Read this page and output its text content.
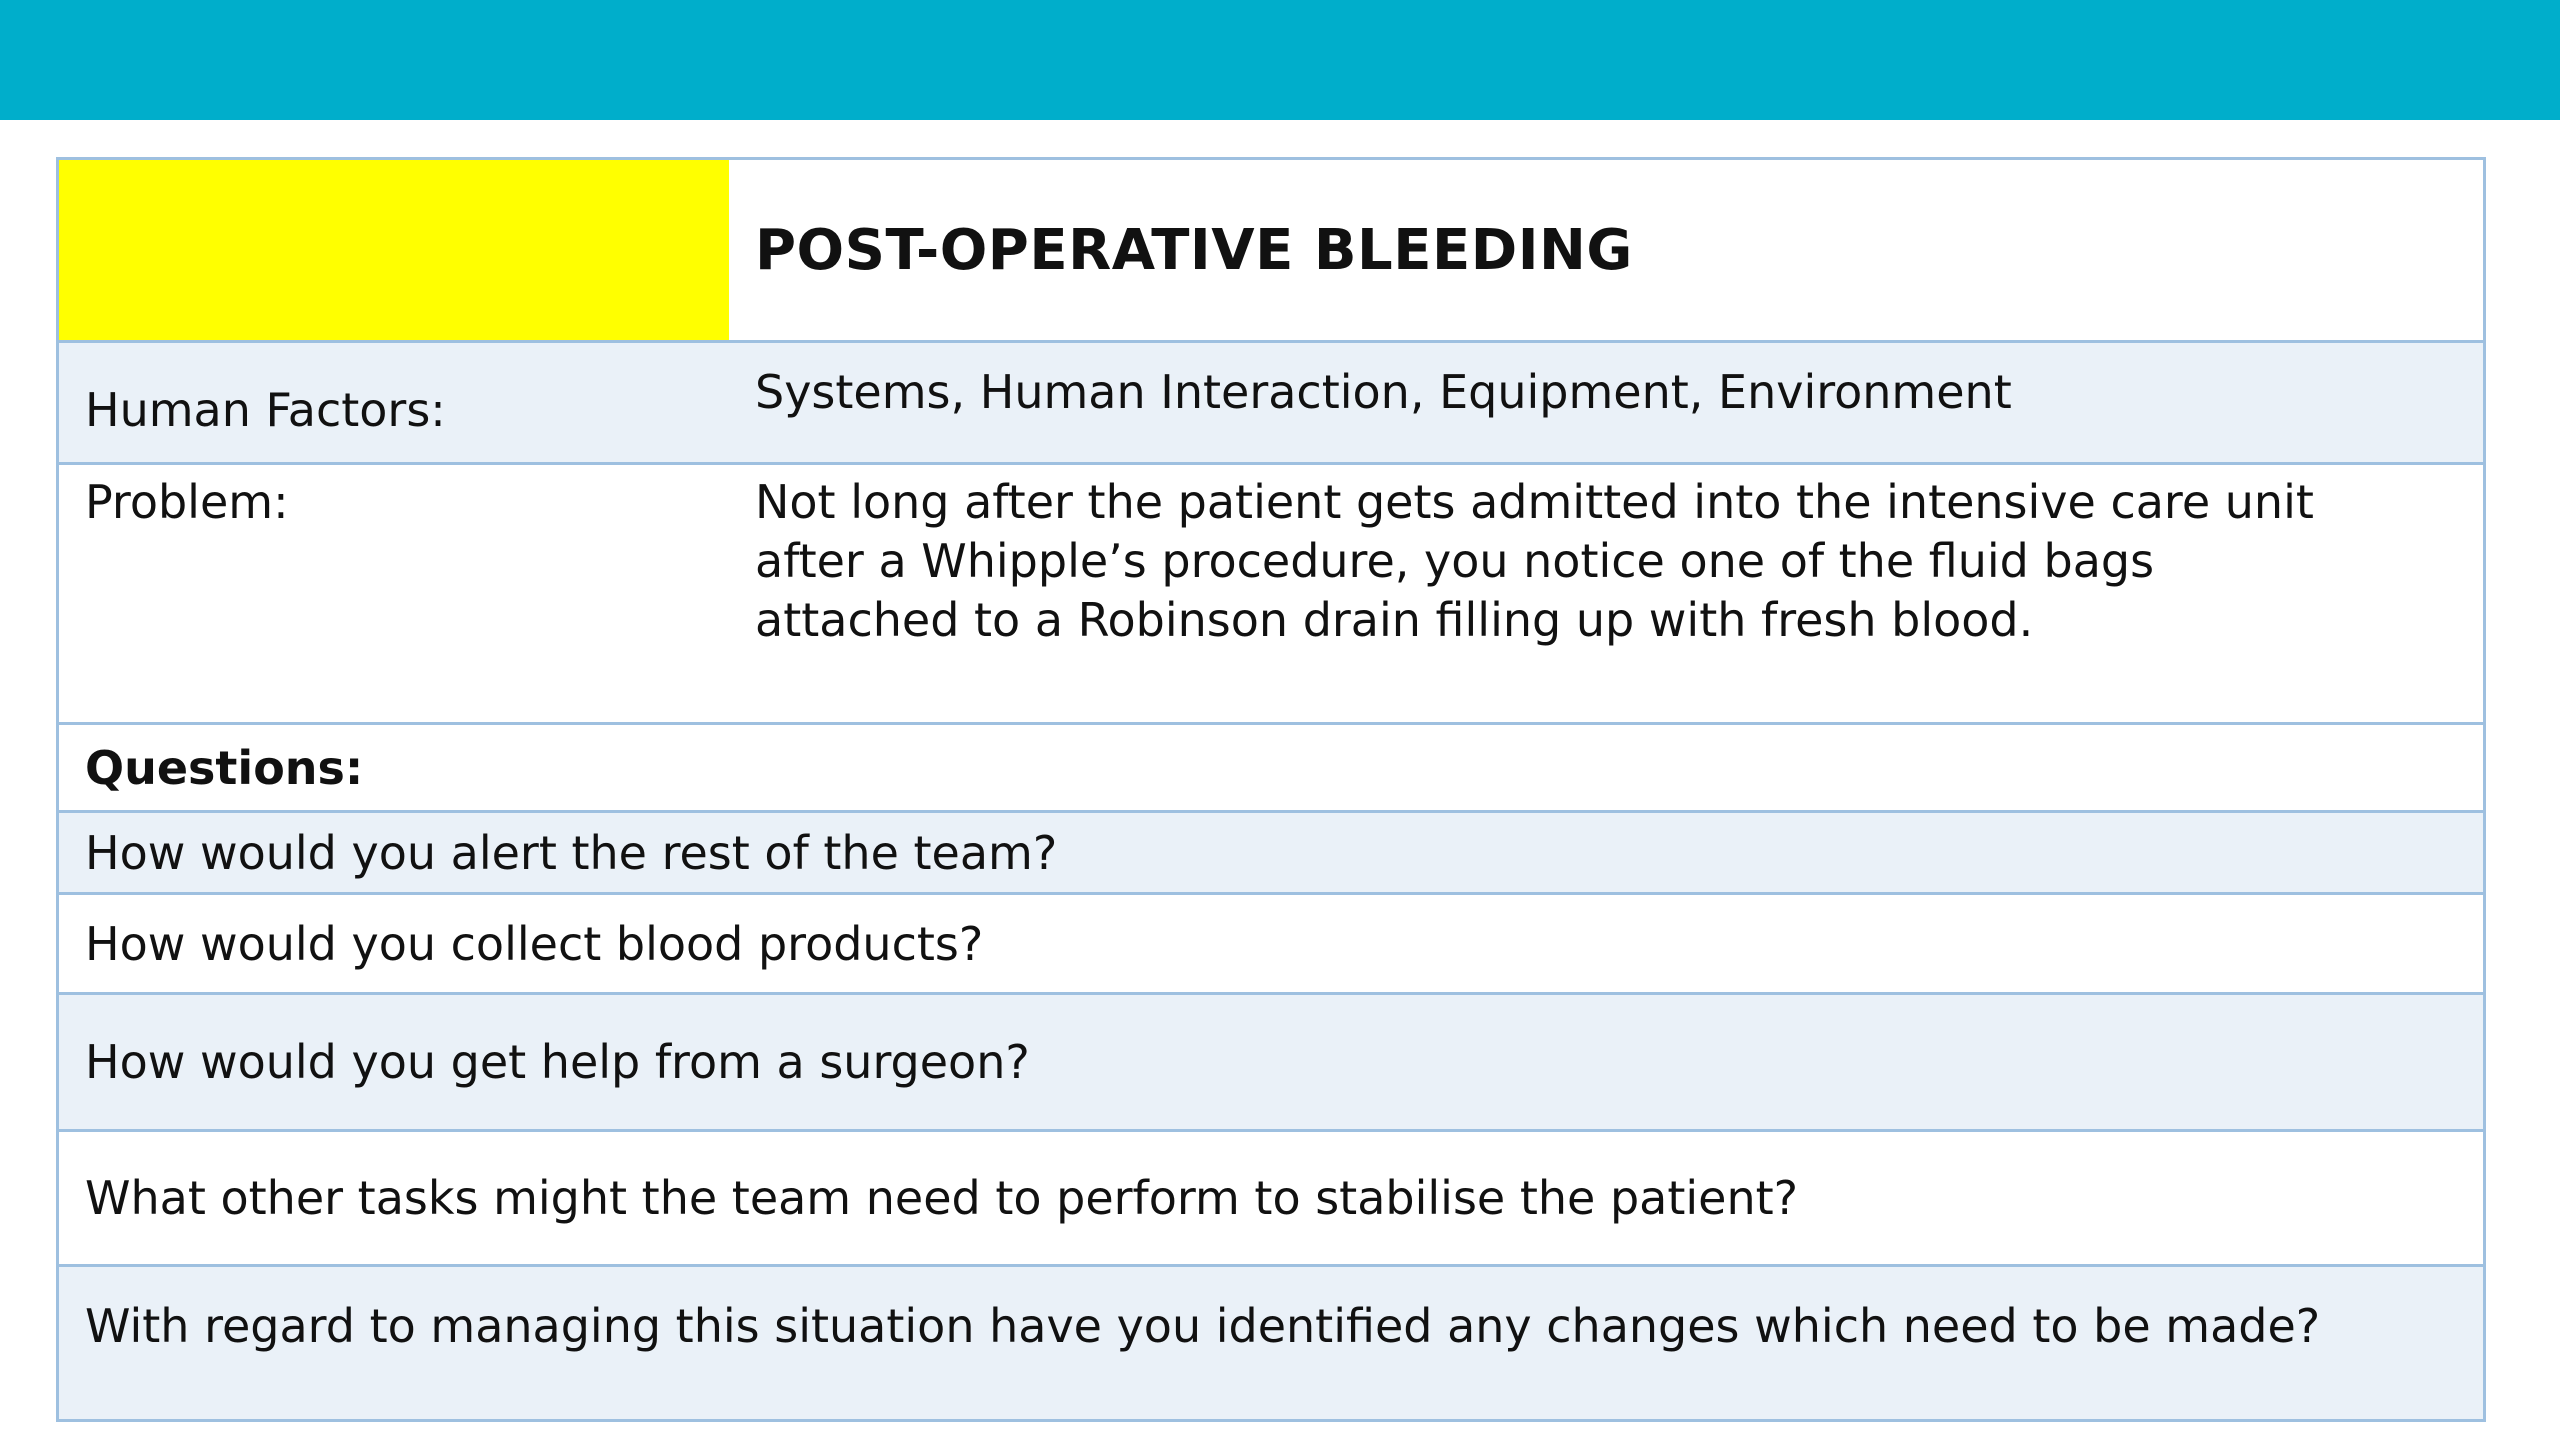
POST-OPERATIVE BLEEDING
Human Factors:	Systems, Human Interaction, Equipment, Environment
Problem:	Not long after the patient gets admitted into the intensive care unit after a Whipple’s procedure, you notice one of the fluid bags attached to a Robinson drain filling up with fresh blood.
Questions:
How would you alert the rest of the team?
How would you collect blood products?
How would you get help from a surgeon?
What other tasks might the team need to perform to stabilise the patient?
With regard to managing this situation have you identified any changes which need to be made?
